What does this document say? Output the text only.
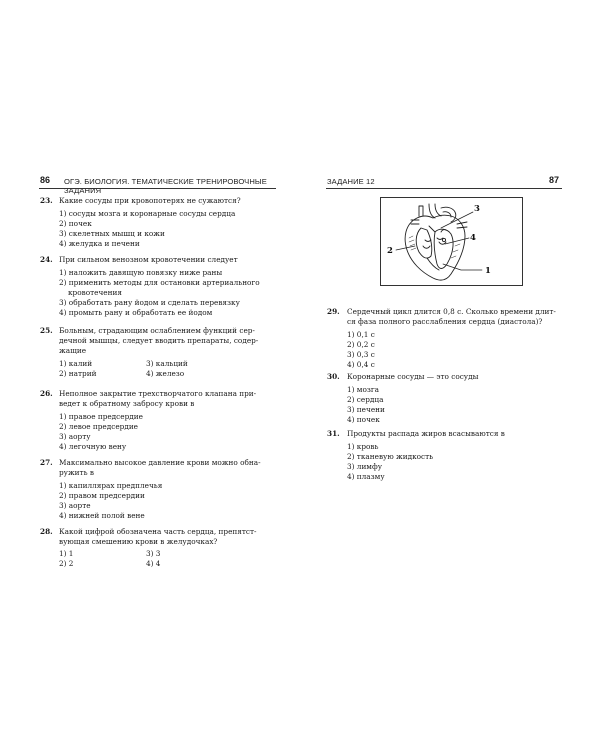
86 ОГЭ. БИОЛОГИЯ. ТЕМАТИЧЕСКИЕ ТРЕНИРОВОЧНЫЕ ЗАДАНИЯ
23. Какие сосуды при кровопотерях не сужаются?
1) сосуды мозга и коронарные сосуды сердца
2) почек
3) скелетных мышц и кожи
4) желудка и печени
24. При сильном венозном кровотечении следует
1) наложить давящую повязку ниже раны
2) применить методы для остановки артериального
кровотечения
3) обработать рану йодом и сделать перевязку
4) промыть рану и обработать ее йодом
25. Больным, страдающим ослаблением функций сер-
дечной мышцы, следует вводить препараты, содер-
жащие
1) калий	3) кальций
2) натрий	4) железо
26. Неполное закрытие трехстворчатого клапана при-
ведет к обратному забросу крови в
1) правое предсердие
2) левое предсердие
3) аорту
4) легочную вену
27. Максимально высокое давление крови можно обна-
ружить в
1) капиллярах предплечья
2) правом предсердии
3) аорте
4) нижней полой вене
28. Какой цифрой обозначена часть сердца, препятст-
вующая смешению крови в желудочках?
1) 1	3) 3
2) 2	4) 4
ЗАДАНИЕ 12	87
3
4
2
1
29. Сердечный цикл длится 0,8 с. Сколько времени длит-
ся фаза полного расслабления сердца (диастола)?
1) 0,1 с
2) 0,2 с
3) 0,3 с
4) 0,4 с
30. Коронарные сосуды — это сосуды
1) мозга
2) сердца
3) печени
4) почек
31. Продукты распада жиров всасываются в
1) кровь
2) тканевую жидкость
3) лимфу
4) плазму
